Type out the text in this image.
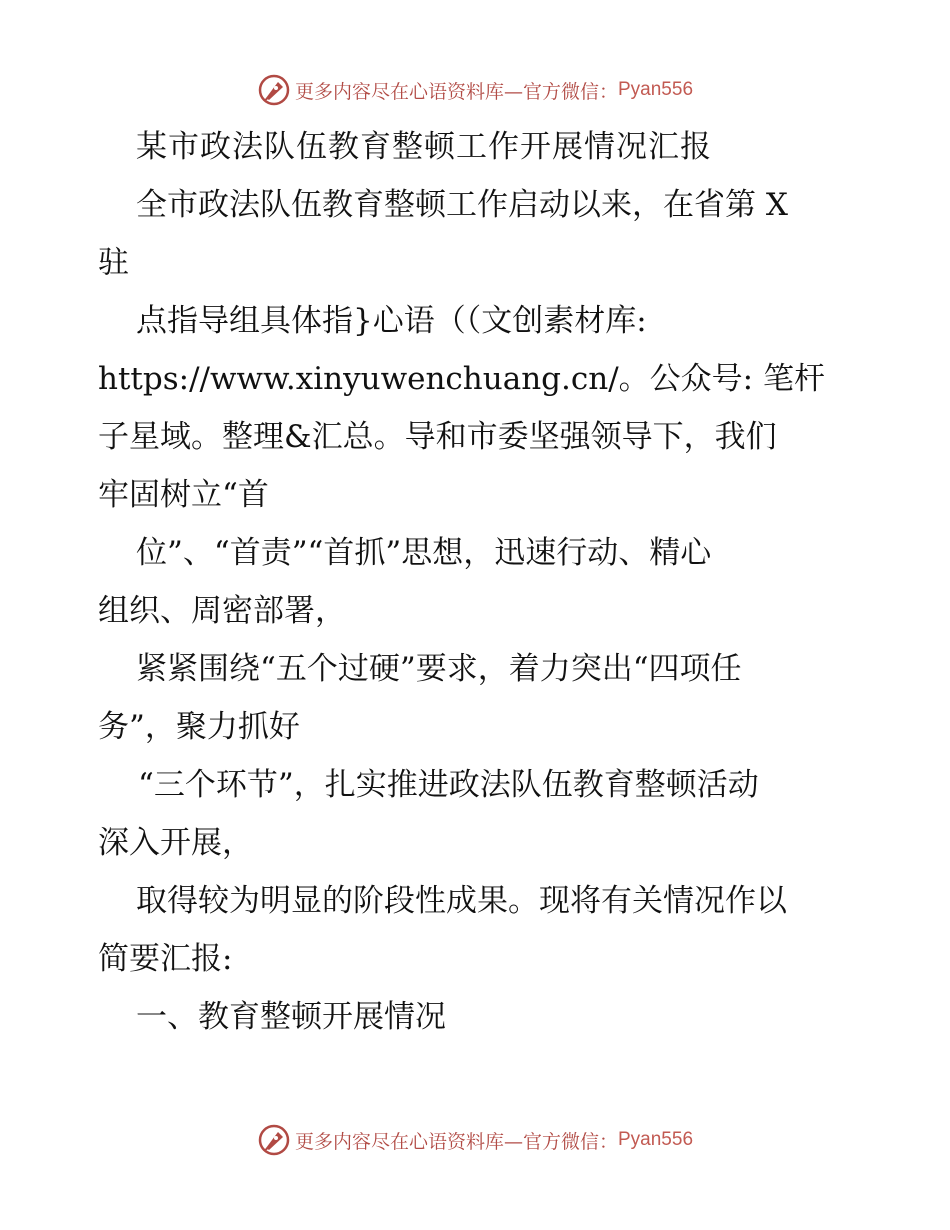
更多内容尽在心语资料库— 官方微信： Pyan556
某市政法队伍教育整顿工作开展情况汇报
全市政法队伍教育整顿工作启动以来，在省第 X
驻
点指导组具体指}心语（（文创素材库:
https://www.xinyuwenchuang.cn/。公众号: 笔杆
子星域。整理&汇总。导和市委坚强领导下，我们
牢固树立“首
位”、“首责”“首抓”思想，迅速行动、精心
组织、周密部署，
紧紧围绕“五个过硬”要求，着力突出“四项任
务”，聚力抓好
“三个环节”，扎实推进政法队伍教育整顿活动
深入开展，
取得较为明显的阶段性成果。现将有关情况作以
简要汇报:
一、教育整顿开展情况
更多内容尽在心语资料库— 官方微信： Pyan556
